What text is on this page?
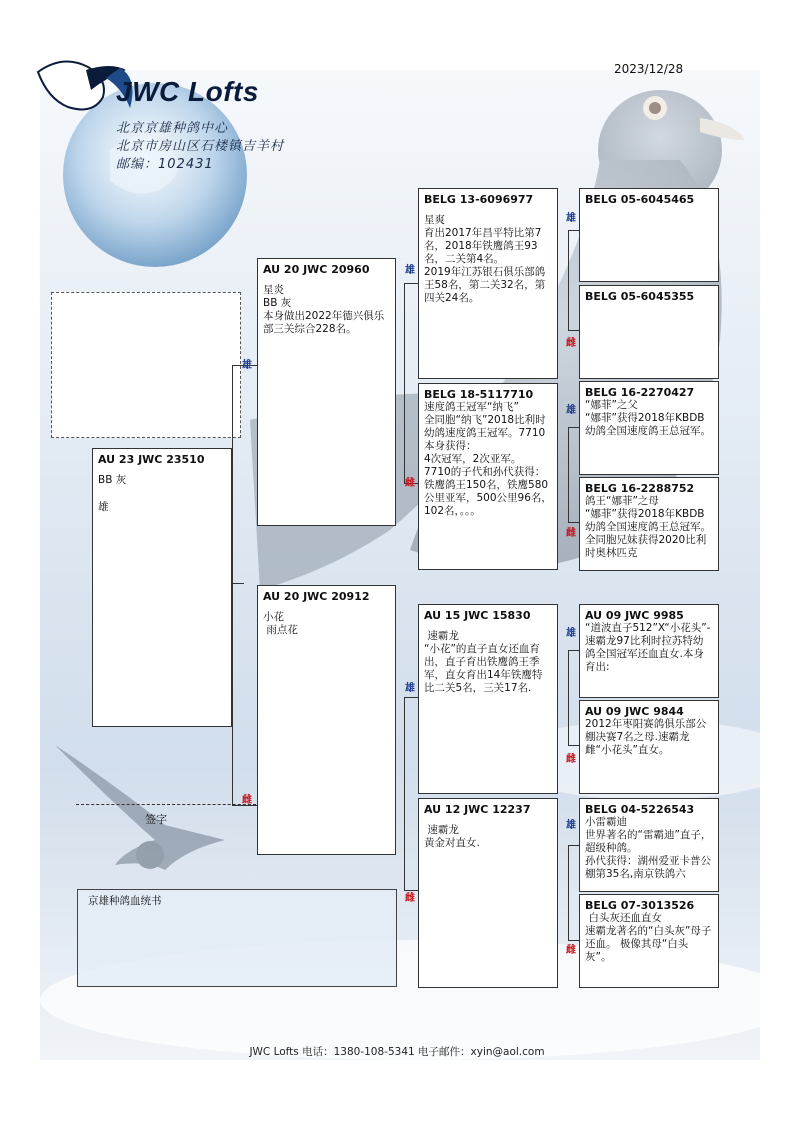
2023/12/28
JWC Lofts
北京京雄种鸽中心
北京市房山区石楼镇吉羊村
邮编：102431
雄
雌
雄
雌
雄
雌
雄
雌
雄
雌
雄
雌
雄
雌
AU 23 JWC 23510

BB 灰

雄

AU 20 JWC 20960

星炎

BB 灰

本身做出2022年德兴俱乐部三关综合228名。

AU 20 JWC 20912

小花

雨点花

BELG 13-6096977

星爽

育出2017年昌平特比第7名，2018年铁鹰鸽王93名，二关第4名。

2019年江苏银石俱乐部鸽王58名，第二关32名，第四关24名。

BELG 18-5117710

速度鸽王冠军“纳飞”

全同胞“纳飞”2018比利时幼鸽速度鸽王冠军。7710本身获得：

4次冠军，2次亚军。

7710的子代和孙代获得：铁鹰鸽王150名，铁鹰580公里亚军，500公里96名，102名，。。。

AU 15 JWC 15830

速霸龙

“小花”的直子直女还血育出，直子育出铁鹰鸽王季军，直女育出14年铁鹰特比二关5名，三关17名.

AU 12 JWC 12237

速霸龙

黄金对直女.

BELG 05-6045465
BELG 05-6045355
BELG 16-2270427

“娜菲”之父

“娜菲”获得2018年KBDB幼鸽全国速度鸽王总冠军。

BELG 16-2288752

鸽王“娜菲”之母

“娜菲”获得2018年KBDB幼鸽全国速度鸽王总冠军。全同胞兄妹获得2020比利时奥林匹克

AU 09 JWC 9985

“道波直子512”X“小花头”-速霸龙97比利时拉苏特幼鸽全国冠军还血直女.本身育出:

AU 09 JWC 9844

2012年枣阳赛鸽俱乐部公棚决赛7名之母.速霸龙雌“小花头”直女。

BELG 04-5226543

小雷霸迪

世界著名的“雷霸迪”直子，超级种鸽。

孙代获得：湖州爱亚卡普公棚第35名,南京铁鸽六

BELG 07-3013526

白头灰还血直女

速霸龙著名的“白头灰”母子还血。 极像其母“白头灰”。

签字
京雄种鸽血统书
JWC Lofts 电话：1380-108-5341 电子邮件：xyin@aol.com
